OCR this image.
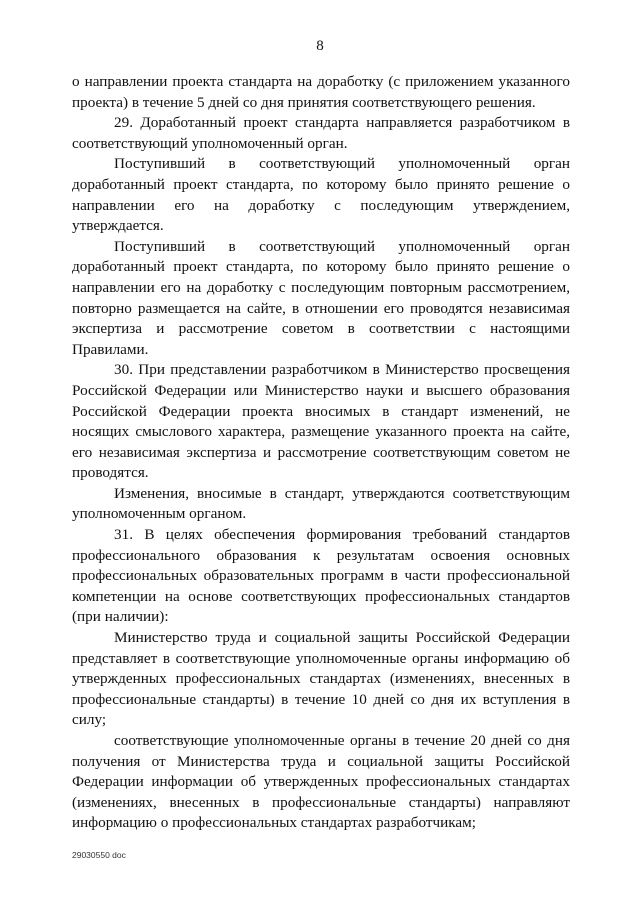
8

о направлении проекта стандарта на доработку (с приложением указанного проекта) в течение 5 дней со дня принятия соответствующего решения.

29. Доработанный проект стандарта направляется разработчиком в соответствующий уполномоченный орган.

Поступивший в соответствующий уполномоченный орган доработанный проект стандарта, по которому было принято решение о направлении его на доработку с последующим утверждением, утверждается.

Поступивший в соответствующий уполномоченный орган доработанный проект стандарта, по которому было принято решение о направлении его на доработку с последующим повторным рассмотрением, повторно размещается на сайте, в отношении его проводятся независимая экспертиза и рассмотрение советом в соответствии с настоящими Правилами.

30. При представлении разработчиком в Министерство просвещения Российской Федерации или Министерство науки и высшего образования Российской Федерации проекта вносимых в стандарт изменений, не носящих смыслового характера, размещение указанного проекта на сайте, его независимая экспертиза и рассмотрение соответствующим советом не проводятся.

Изменения, вносимые в стандарт, утверждаются соответствующим уполномоченным органом.

31. В целях обеспечения формирования требований стандартов профессионального образования к результатам освоения основных профессиональных образовательных программ в части профессиональной компетенции на основе соответствующих профессиональных стандартов (при наличии):

Министерство труда и социальной защиты Российской Федерации представляет в соответствующие уполномоченные органы информацию об утвержденных профессиональных стандартах (изменениях, внесенных в профессиональные стандарты) в течение 10 дней со дня их вступления в силу;

соответствующие уполномоченные органы в течение 20 дней со дня получения от Министерства труда и социальной защиты Российской Федерации информации об утвержденных профессиональных стандартах (изменениях, внесенных в профессиональные стандарты) направляют информацию о профессиональных стандартах разработчикам;

29030550 doc
